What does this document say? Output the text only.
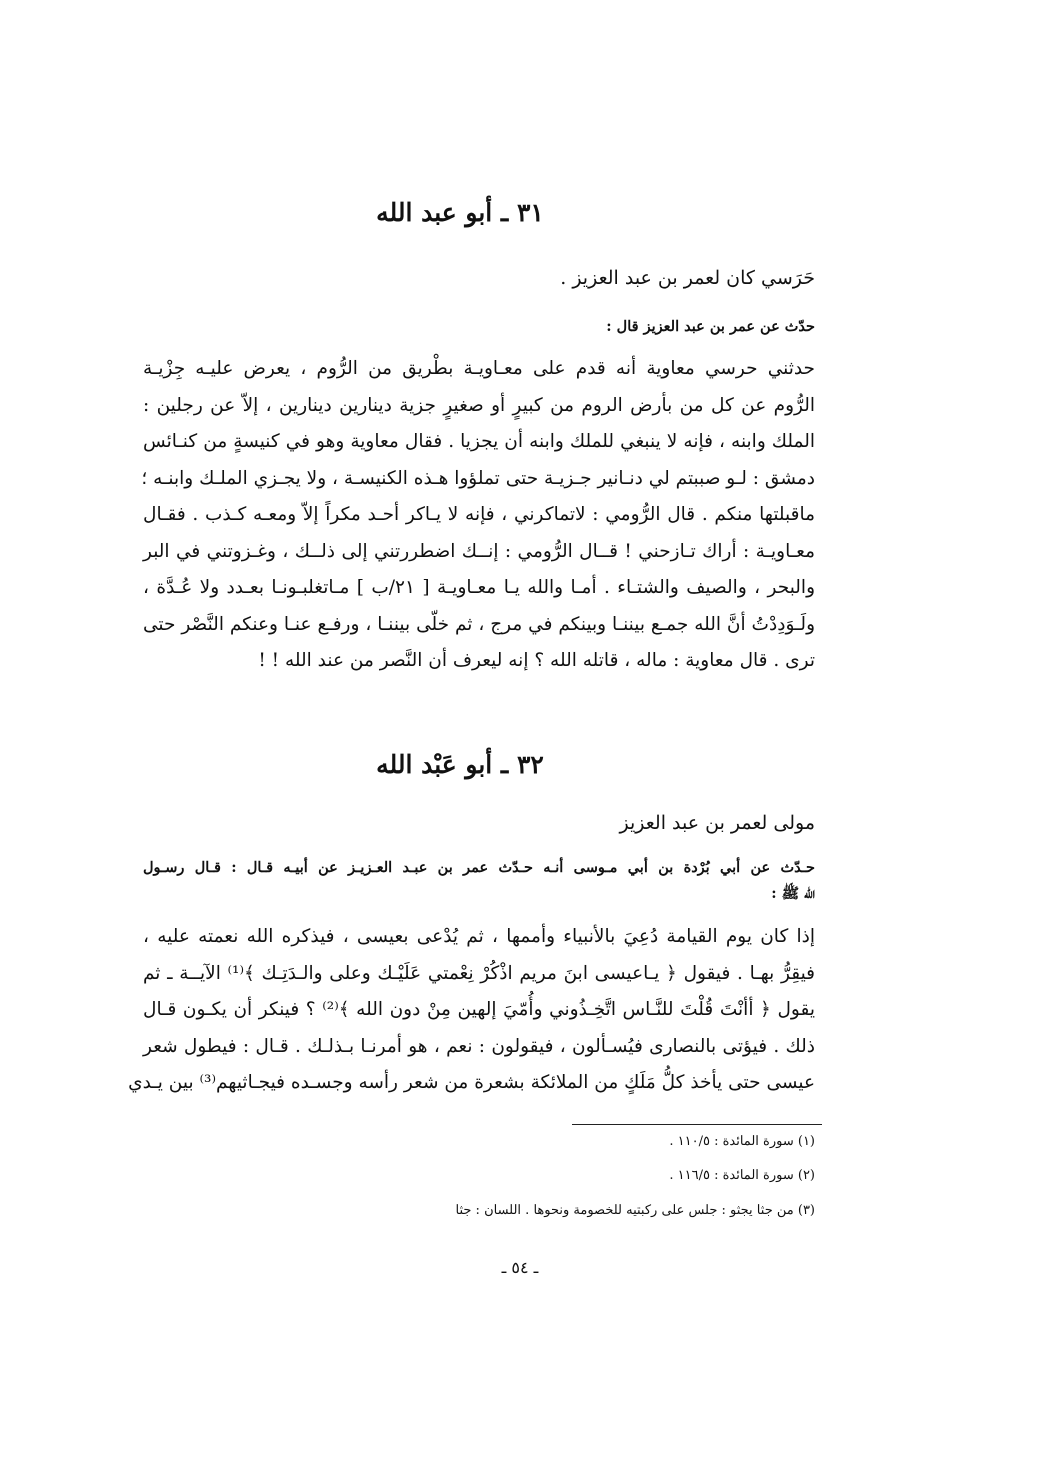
٣١ ـ أبو عبد الله
حَرَسي كان لعمر بن عبد العزيز .
حدّث عن عمر بن عبد العزيز قال :
حدثني حرسي معاوية أنه قدم على معـاويـة بطْريق من الرُّوم ، يعرض عليـه جِزْيـة
الرُّوم عن كل من بأرض الروم من كبيرٍ أو صغيرٍ جزية دينارين دينارين ، إلاّ عن رجلين :
الملك وابنه ، فإنه لا ينبغي للملك وابنه أن يجزيا . فقال معاوية وهو في كنيسةٍ من كنـائس
دمشق : لـو صببتم لي دنـانير جـزيـة حتى تملؤوا هـذه الكنيسـة ، ولا يجـزي الملـك وابنـه ؛
ماقبلتها منكم . قال الرُّومي : لاتماكرني ، فإنه لا يـاكر أحـد مكراً إلاّ ومعـه كـذب . فقـال
معـاويـة : أراك تـازحني ! قــال الرُّومي : إنــك اضطررتني إلى ذلــك ، وغـزوتني في البر
والبحر ، والصيف والشتـاء . أمـا والله يـا معـاويـة [ ٢١/ب ] مـاتغلبـونـا بعـدد ولا عُـدَّة ،
ولَـوَدِدْتُ أنَّ الله جمـع بيننـا وبينكم في مرج ، ثم خلّى بيننـا ، ورفـع عنـا وعنكم النَّصْر حتى
ترى . قال معاوية : ماله ، قاتله الله ؟ إنه ليعرف أن النَّصر من عند الله ! !
٣٢ ـ أبو عَبْد الله
مولى لعمر بن عبد العزيز
حـدّث عن أبي بُرْدة بن أبي مـوسى أنـه حـدّث عمر بن عبـد العـزيـز عن أبيـه قـال : قـال رسـول
الله ﷺ :
إذا كان يوم القيامة دُعِيَ بالأنبياء وأممها ، ثم يُدْعى بعيسى ، فيذكره الله نعمته عليه ،
فيقِرُّ بهـا . فيقول ﴿ يـاعيسى ابنَ مريم اذْكُرْ نِعْمتي عَلَيْـك وعلى والـدَتِـك ﴾⁽¹⁾ الآيــة ـ ثم
يقول ﴿ أأنْتَ قُلْتَ للنَّـاس اتَّخِـذُوني وأُمّيَ إلهين مِنْ دون الله ﴾⁽²⁾ ؟ فينكر أن يكـون قـال
ذلك . فيؤتى بالنصارى فيُسـألون ، فيقولون : نعم ، هو أمرنـا بـذلـك . قـال : فيطول شعر
عيسى حتى يأخذ كلُّ مَلَكٍ من الملائكة بشعرة من شعر رأسه وجسـده فيجـاثيهم⁽³⁾ بين يـدي
(١) سورة المائدة : ١١٠/٥ .
(٢) سورة المائدة : ١١٦/٥ .
(٣) من جثا يجثو : جلس على ركبتيه للخصومة ونحوها . اللسان : جثا
ـ ٥٤ ـ
